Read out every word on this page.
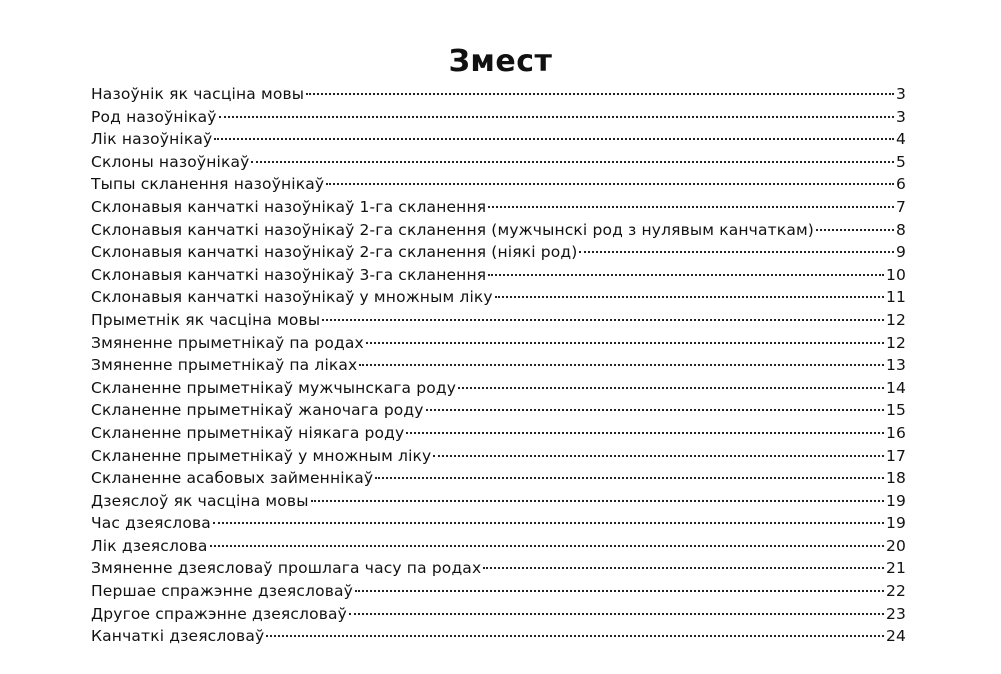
Змест
Назоўнік як часціна мовы	3
Род назоўнікаў	3
Лік назоўнікаў	4
Склоны назоўнікаў	5
Тыпы скланення назоўнікаў	6
Склонавыя канчаткі назоўнікаў 1-га скланення	7
Склонавыя канчаткі назоўнікаў 2-га скланення (мужчынскі род з нулявым канчаткам)	8
Склонавыя канчаткі назоўнікаў 2-га скланення (ніякі род)	9
Склонавыя канчаткі назоўнікаў 3-га скланення	10
Склонавыя канчаткі назоўнікаў у множным ліку	11
Прыметнік як часціна мовы	12
Змяненне прыметнікаў па родах	12
Змяненне прыметнікаў па ліках	13
Скланенне прыметнікаў мужчынскага роду	14
Скланенне прыметнікаў жаночага роду	15
Скланенне прыметнікаў ніякага роду	16
Скланенне прыметнікаў у множным ліку	17
Скланенне асабовых займеннікаў	18
Дзеяслоў як часціна мовы	19
Час дзеяслова	19
Лік дзеяслова	20
Змяненне дзеясловаў прошлага часу па родах	21
Першае спражэнне дзеясловаў	22
Другое спражэнне дзеясловаў	23
Канчаткі дзеясловаў	24
